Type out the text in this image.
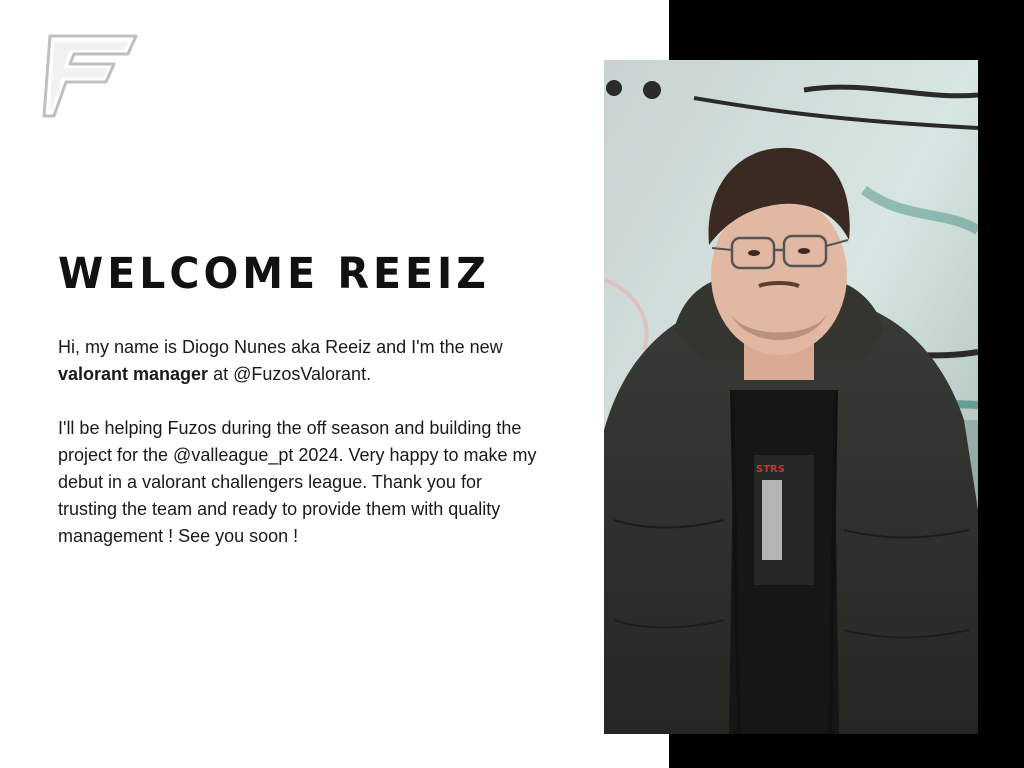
WELCOME REEIZ

Hi, my name is Diogo Nunes aka Reeiz and I'm the new valorant manager at @FuzosValorant.

I'll be helping Fuzos during the off season and building the project for the @valleague_pt 2024. Very happy to make my debut in a valorant challengers league. Thank you for trusting the team and ready to provide them with quality management ! See you soon !

STRS
